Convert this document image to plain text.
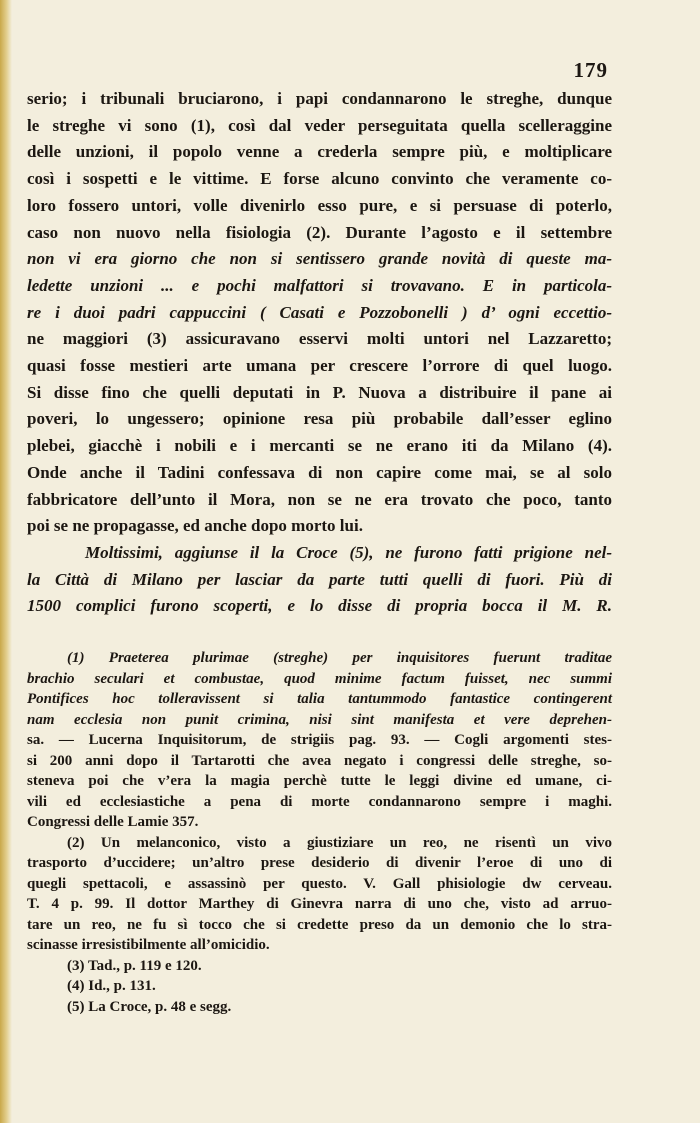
179
serio; i tribunali bruciarono, i papi condannarono le streghe, dunque
le streghe vi sono (1), così dal veder perseguitata quella scelleraggine
delle unzioni, il popolo venne a crederla sempre più, e moltiplicare
così i sospetti e le vittime. E forse alcuno convinto che veramente co-
loro fossero untori, volle divenirlo esso pure, e si persuase di poterlo,
caso non nuovo nella fisiologia (2). Durante l’agosto e il settembre
non vi era giorno che non si sentissero grande novità di queste ma-
ledette unzioni ... e pochi malfattori si trovavano. E in particola-
re i duoi padri cappuccini ( Casati e Pozzobonelli ) d’ ogni eccettio-
ne maggiori (3) assicuravano esservi molti untori nel Lazzaretto;
quasi fosse mestieri arte umana per crescere l’orrore di quel luogo.
Si disse fino che quelli deputati in P. Nuova a distribuire il pane ai
poveri, lo ungessero; opinione resa più probabile dall’esser eglino
plebei, giacchè i nobili e i mercanti se ne erano iti da Milano (4).
Onde anche il Tadini confessava di non capire come mai, se al solo
fabbricatore dell’unto il Mora, non se ne era trovato che poco, tanto
poi se ne propagasse, ed anche dopo morto lui.
Moltissimi, aggiunse il la Croce (5), ne furono fatti prigione nel-
la Città di Milano per lasciar da parte tutti quelli di fuori. Più di
1500 complici furono scoperti, e lo disse di propria bocca il M. R.
(1) Praeterea plurimae (streghe) per inquisitores fuerunt traditae
brachio seculari et combustae, quod minime factum fuisset, nec summi
Pontifices hoc tolleravissent si talia tantummodo fantastice contingerent
nam ecclesia non punit crimina, nisi sint manifesta et vere deprehen-
sa. — Lucerna Inquisitorum, de strigiis pag. 93. — Cogli argomenti stes-
si 200 anni dopo il Tartarotti che avea negato i congressi delle streghe, so-
steneva poi che v’era la magia perchè tutte le leggi divine ed umane, ci-
vili ed ecclesiastiche a pena di morte condannarono sempre i maghi.
Congressi delle Lamie 357.
(2) Un melanconico, visto a giustiziare un reo, ne risentì un vivo
trasporto d’uccidere; un’altro prese desiderio di divenir l’eroe di uno di
quegli spettacoli, e assassinò per questo. V. Gall phisiologie dw cerveau.
T. 4 p. 99. Il dottor Marthey di Ginevra narra di uno che, visto ad arruo-
tare un reo, ne fu sì tocco che si credette preso da un demonio che lo stra-
scinasse irresistibilmente all’omicidio.
(3) Tad., p. 119 e 120.
(4) Id., p. 131.
(5) La Croce, p. 48 e segg.
